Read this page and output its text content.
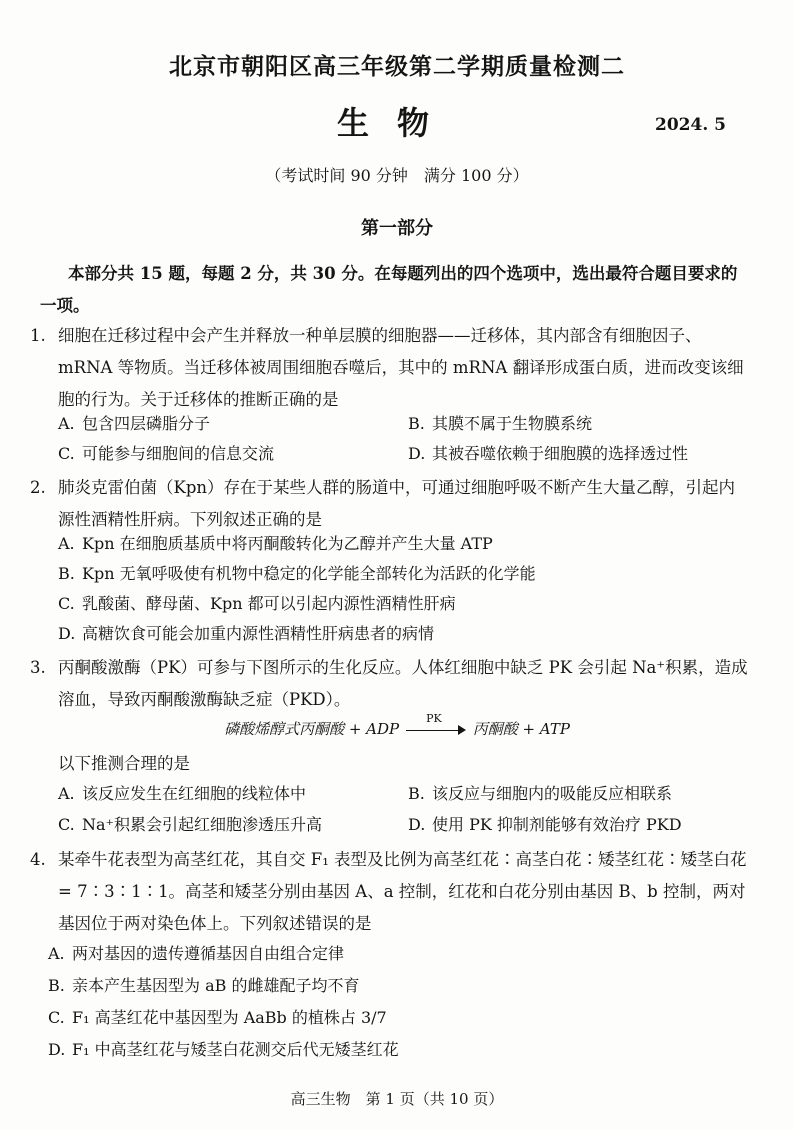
北京市朝阳区高三年级第二学期质量检测二
生物	2024. 5
（考试时间 90 分钟　满分 100 分）
第一部分
本部分共 15 题，每题 2 分，共 30 分。在每题列出的四个选项中，选出最符合题目要求的一项。
1. 细胞在迁移过程中会产生并释放一种单层膜的细胞器——迁移体，其内部含有细胞因子、mRNA 等物质。当迁移体被周围细胞吞噬后，其中的 mRNA 翻译形成蛋白质，进而改变该细胞的行为。关于迁移体的推断正确的是
A. 包含四层磷脂分子	B. 其膜不属于生物膜系统
C. 可能参与细胞间的信息交流	D. 其被吞噬依赖于细胞膜的选择透过性
2. 肺炎克雷伯菌（Kpn）存在于某些人群的肠道中，可通过细胞呼吸不断产生大量乙醇，引起内源性酒精性肝病。下列叙述正确的是
A. Kpn 在细胞质基质中将丙酮酸转化为乙醇并产生大量 ATP
B. Kpn 无氧呼吸使有机物中稳定的化学能全部转化为活跃的化学能
C. 乳酸菌、酵母菌、Kpn 都可以引起内源性酒精性肝病
D. 高糖饮食可能会加重内源性酒精性肝病患者的病情
3. 丙酮酸激酶（PK）可参与下图所示的生化反应。人体红细胞中缺乏 PK 会引起 Na⁺积累，造成溶血，导致丙酮酸激酶缺乏症（PKD）。
磷酸烯醇式丙酮酸 + ADP
PK
丙酮酸 + ATP
以下推测合理的是
A. 该反应发生在红细胞的线粒体中	B. 该反应与细胞内的吸能反应相联系
C. Na⁺积累会引起红细胞渗透压升高	D. 使用 PK 抑制剂能够有效治疗 PKD
4. 某牵牛花表型为高茎红花，其自交 F₁ 表型及比例为高茎红花∶高茎白花∶矮茎红花∶矮茎白花 = 7∶3∶1∶1。高茎和矮茎分别由基因 A、a 控制，红花和白花分别由基因 B、b 控制，两对基因位于两对染色体上。下列叙述错误的是
A. 两对基因的遗传遵循基因自由组合定律
B. 亲本产生基因型为 aB 的雌雄配子均不育
C. F₁ 高茎红花中基因型为 AaBb 的植株占 3/7
D. F₁ 中高茎红花与矮茎白花测交后代无矮茎红花
高三生物　第 1 页（共 10 页）
